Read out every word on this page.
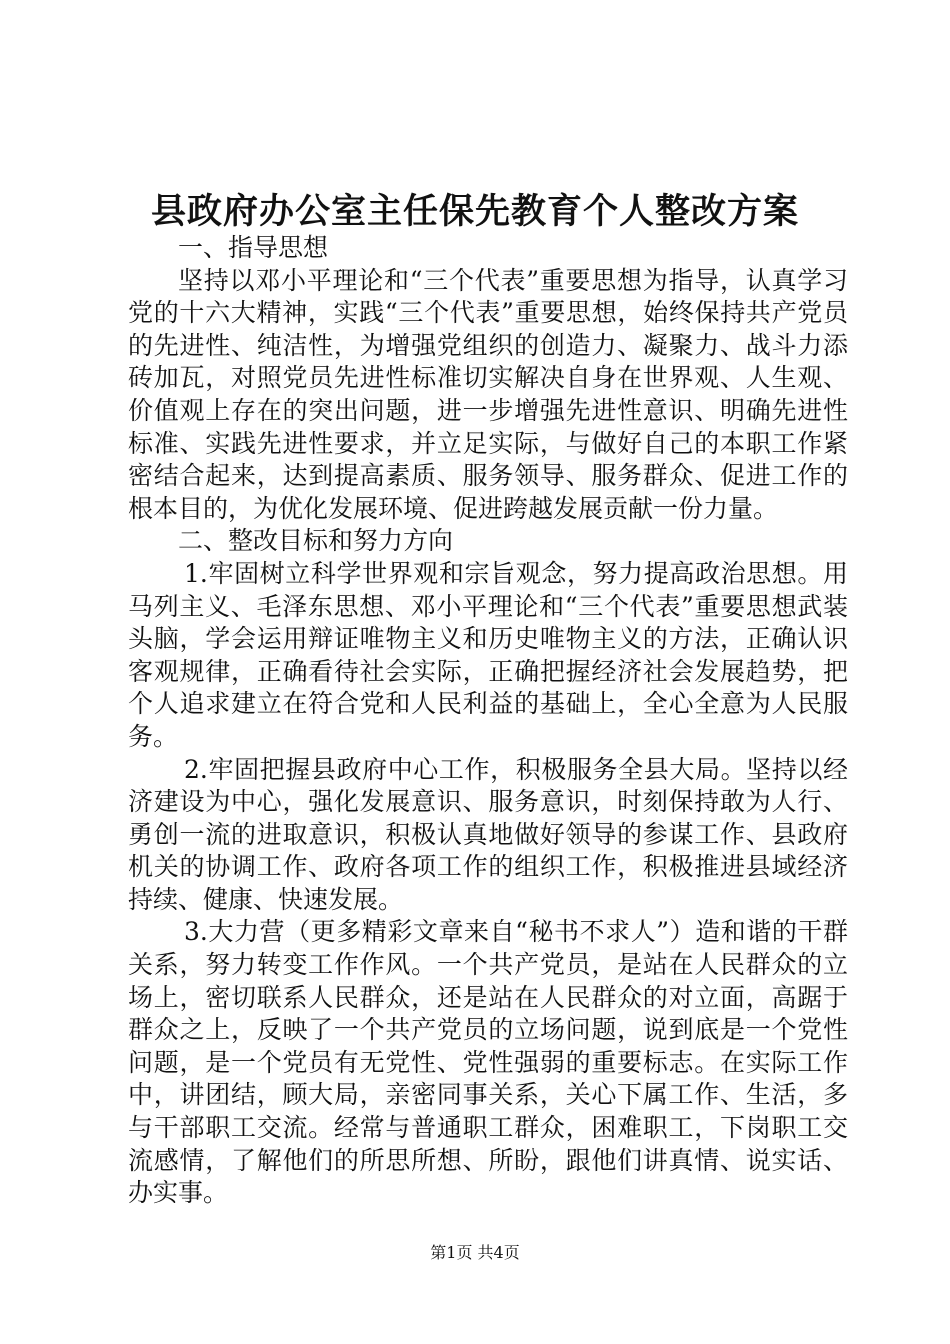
县政府办公室主任保先教育个人整改方案

一、指导思想

坚持以邓小平理论和“三个代表”重要思想为指导，认真学习党的十六大精神，实践“三个代表”重要思想，始终保持共产党员的先进性、纯洁性，为增强党组织的创造力、凝聚力、战斗力添砖加瓦，对照党员先进性标准切实解决自身在世界观、人生观、价值观上存在的突出问题，进一步增强先进性意识、明确先进性标准、实践先进性要求，并立足实际，与做好自己的本职工作紧密结合起来，达到提高素质、服务领导、服务群众、促进工作的根本目的，为优化发展环境、促进跨越发展贡献一份力量。

二、整改目标和努力方向

1.牢固树立科学世界观和宗旨观念，努力提高政治思想。用马列主义、毛泽东思想、邓小平理论和“三个代表”重要思想武装头脑，学会运用辩证唯物主义和历史唯物主义的方法，正确认识客观规律，正确看待社会实际，正确把握经济社会发展趋势，把个人追求建立在符合党和人民利益的基础上，全心全意为人民服务。

2.牢固把握县政府中心工作，积极服务全县大局。坚持以经济建设为中心，强化发展意识、服务意识，时刻保持敢为人行、勇创一流的进取意识，积极认真地做好领导的参谋工作、县政府机关的协调工作、政府各项工作的组织工作，积极推进县域经济持续、健康、快速发展。

3.大力营（更多精彩文章来自“秘书不求人”）造和谐的干群关系，努力转变工作作风。一个共产党员，是站在人民群众的立场上，密切联系人民群众，还是站在人民群众的对立面，高踞于群众之上，反映了一个共产党员的立场问题，说到底是一个党性问题，是一个党员有无党性、党性强弱的重要标志。在实际工作中，讲团结，顾大局，亲密同事关系，关心下属工作、生活，多与干部职工交流。经常与普通职工群众，困难职工，下岗职工交流感情，了解他们的所思所想、所盼，跟他们讲真情、说实话、办实事。

第1页 共4页
